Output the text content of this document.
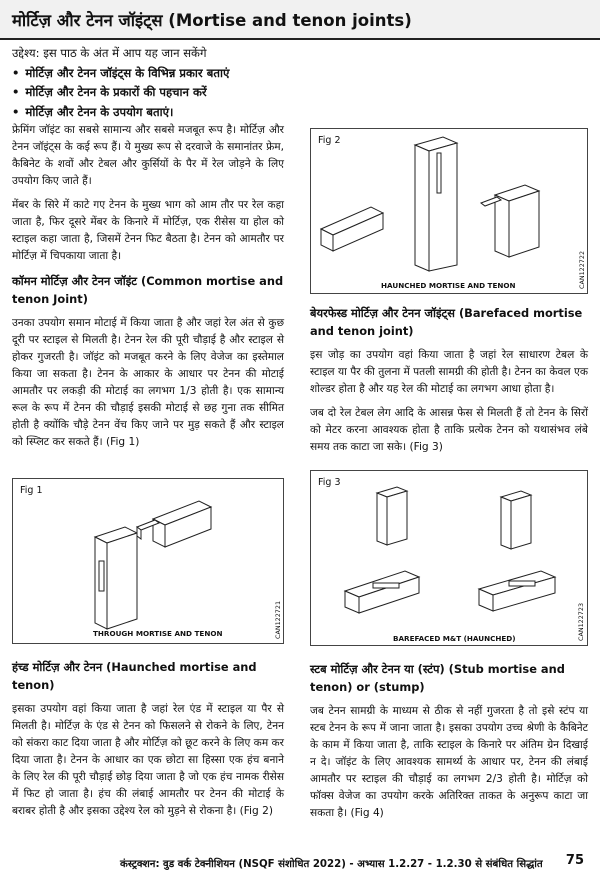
मोर्टिज़ और टेनन जॉइंट्स (Mortise and tenon joints)
उद्देश्य: इस पाठ के अंत में आप यह जान सकेंगे
• मोर्टिज़ और टेनन जॉइंट्स के विभिन्न प्रकार बताएं
• मोर्टिज़ और टेनन के प्रकारों की पहचान करें
• मोर्टिज़ और टेनन के उपयोग बताएं।

फ्रेमिंग जॉइंट का सबसे सामान्य और सबसे मजबूत रूप है। मोर्टिज़ और टेनन जॉइंट्स के कई रूप हैं। ये मुख्य रूप से दरवाजे के समानांतर फ्रेम, कैबिनेट के शवों और टेबल और कुर्सियों के पैर में रेल जोड़ने के लिए उपयोग किए जाते हैं।

मेंबर के सिरे में काटे गए टेनन के मुख्य भाग को आम तौर पर रेल कहा जाता है, फिर दूसरे मेंबर के किनारे में मोर्टिज़, एक रीसेस या होल को स्टाइल कहा जाता है, जिसमें टेनन फिट बैठता है। टेनन को आमतौर पर मोर्टिज़ में चिपकाया जाता है।

कॉमन मोर्टिज़ और टेनन जॉइंट (Common mortise and tenon Joint)

उनका उपयोग समान मोटाई में किया जाता है और जहां रेल अंत से कुछ दूरी पर स्टाइल से मिलती है। टेनन रेल की पूरी चौड़ाई है और स्टाइल से होकर गुजरती है। जॉइंट को मजबूत करने के लिए वेजेज का इस्तेमाल किया जा सकता है। टेनन के आकार के आधार पर टेनन की मोटाई आमतौर पर लकड़ी की मोटाई का लगभग 1/3 होती है। एक सामान्य रूल के रूप में टेनन की चौड़ाई इसकी मोटाई से छह गुना तक सीमित होती है क्योंकि चौड़े टेनन वेंच किए जाने पर मुड़ सकते हैं और स्टाइल को स्प्लिट कर सकते हैं। (Fig 1)

Fig 1
THROUGH MORTISE AND TENON	CAN122721
हंच्ड मोर्टिज़ और टेनन (Haunched mortise and tenon)

इसका उपयोग वहां किया जाता है जहां रेल एंड में स्टाइल या पैर से मिलती है। मोर्टिज़ के एंड से टेनन को फिसलने से रोकने के लिए, टेनन को संकरा काट दिया जाता है और मोर्टिज़ को छूट करने के लिए कम कर दिया जाता है। टेनन के आधार का एक छोटा सा हिस्सा एक हंच बनाने के लिए रेल की पूरी चौड़ाई छोड़ दिया जाता है जो एक हंच नामक रीसेस में फिट हो जाता है। हंच की लंबाई आमतौर पर टेनन की मोटाई के बराबर होती है और इसका उद्देश्य रेल को मुड़ने से रोकना है। (Fig 2)

Fig 2
HAUNCHED MORTISE AND TENON	CAN122722
बेयरफेस्ड मोर्टिज़ और टेनन जॉइंट्स (Barefaced mortise and tenon joint)

इस जोड़ का उपयोग वहां किया जाता है जहां रेल साधारण टेबल के स्टाइल या पैर की तुलना में पतली सामग्री की होती है। टेनन का केवल एक शोल्डर होता है और यह रेल की मोटाई का लगभग आधा होता है।

जब दो रेल टेबल लेग आदि के आसन्न फेस से मिलती हैं तो टेनन के सिरों को मेटर करना आवश्यक होता है ताकि प्रत्येक टेनन को यथासंभव लंबे समय तक काटा जा सके। (Fig 3)

Fig 3
BAREFACED M&T (HAUNCHED)	CAN122723
स्टब मोर्टिज़ और टेनन या (स्टंप) (Stub mortise and tenon) or (stump)

जब टेनन सामग्री के माध्यम से ठीक से नहीं गुजरता है तो इसे स्टंप या स्टब टेनन के रूप में जाना जाता है। इसका उपयोग उच्च श्रेणी के कैबिनेट के काम में किया जाता है, ताकि स्टाइल के किनारे पर अंतिम ग्रेन दिखाई न दे। जॉइंट के लिए आवश्यक सामर्थ्य के आधार पर, टेनन की लंबाई आमतौर पर स्टाइल की चौड़ाई का लगभग 2/3 होती है। मोर्टिज़ को फॉक्स वेजेज का उपयोग करके अतिरिक्त ताकत के अनुरूप काटा जा सकता है। (Fig 4)

कंस्ट्रक्शन: वुड वर्क टेक्नीशियन (NSQF संशोधित 2022) - अभ्यास 1.2.27 - 1.2.30 से संबंधित सिद्धांत 75
